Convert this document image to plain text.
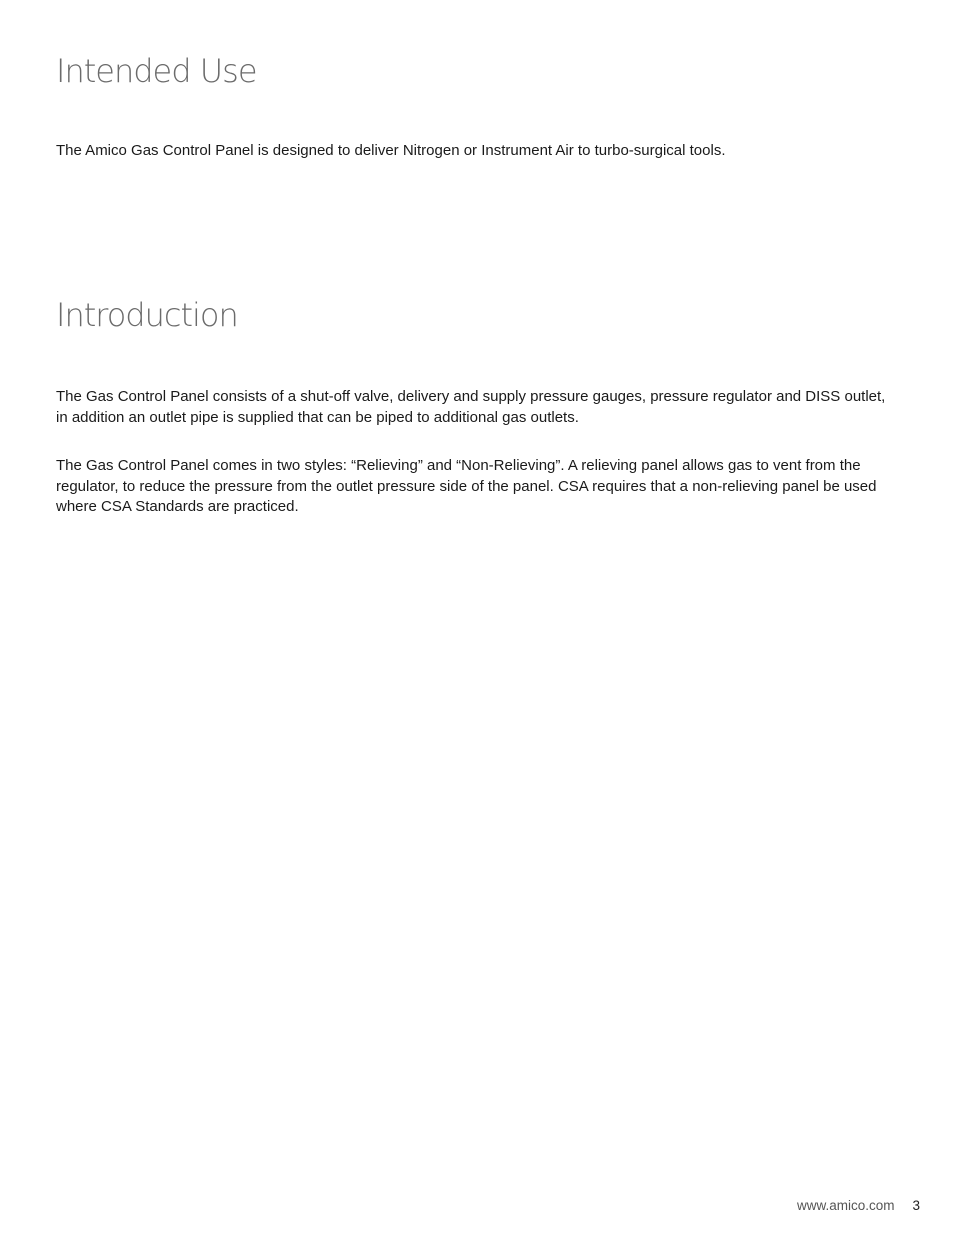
Intended Use

The Amico Gas Control Panel is designed to deliver Nitrogen or Instrument Air to turbo-surgical tools.

Introduction

The Gas Control Panel consists of a shut-off valve, delivery and supply pressure gauges, pressure regulator and DISS outlet, in addition an outlet pipe is supplied that can be piped to additional gas outlets.

The Gas Control Panel comes in two styles: “Relieving” and “Non-Relieving”. A relieving panel allows gas to vent from the regulator, to reduce the pressure from the outlet pressure side of the panel. CSA requires that a non-relieving panel be used where CSA Standards are practiced.

www.amico.com 3
